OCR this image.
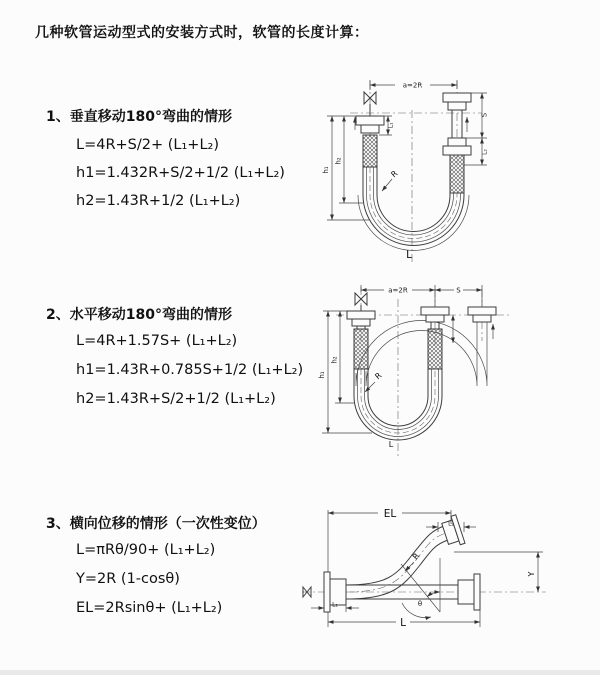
几种软管运动型式的安装方式时，软管的长度计算：
1、垂直移动180°弯曲的情形
L=4R+S/2+ (L₁+L₂)
h1=1.432R+S/2+1/2 (L₁+L₂)
h2=1.43R+1/2 (L₁+L₂)
2、水平移动180°弯曲的情形
L=4R+1.57S+ (L₁+L₂)
h1=1.43R+0.785S+1/2 (L₁+L₂)
h2=1.43R+S/2+1/2 (L₁+L₂)
3、横向位移的情形（一次性变位）
L=πRθ/90+ (L₁+L₂)
Y=2R (1-cosθ)
EL=2Rsinθ+ (L₁+L₂)
a=2R
S
L₂
L₁
h₁
h₂
R
L
a=2R	S
h₁
h₂
R
L
θ
R
EL
L₂
Y
L
L₁
